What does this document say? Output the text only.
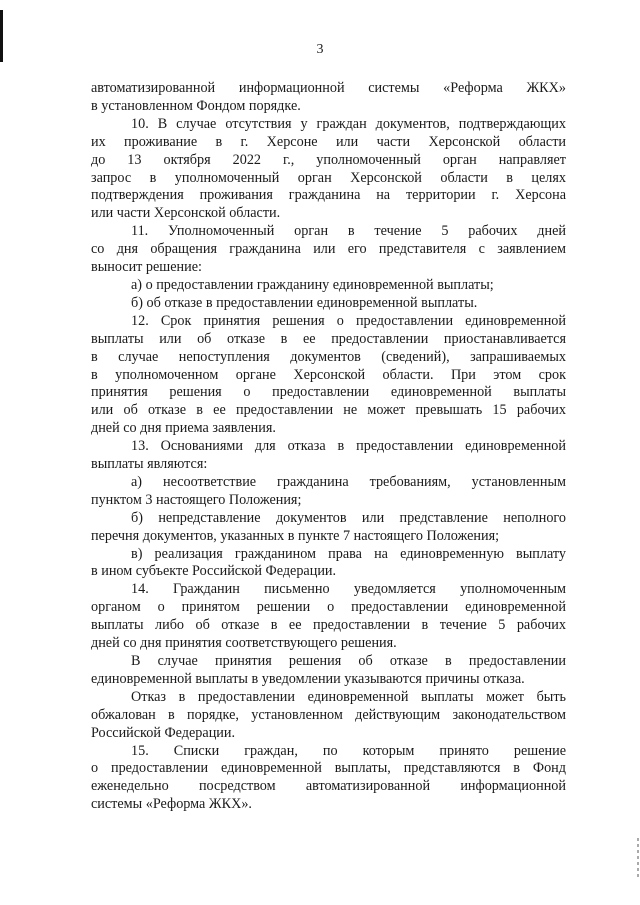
3
автоматизированной информационной системы «Реформа ЖКХ»
в установленном Фондом порядке.
10. В случае отсутствия у граждан документов, подтверждающих
их проживание в г. Херсоне или части Херсонской области
до 13 октября 2022 г., уполномоченный орган направляет
запрос в уполномоченный орган Херсонской области в целях
подтверждения проживания гражданина на территории г. Херсона
или части Херсонской области.
11. Уполномоченный орган в течение 5 рабочих дней
со дня обращения гражданина или его представителя с заявлением
выносит решение:
а) о предоставлении гражданину единовременной выплаты;
б) об отказе в предоставлении единовременной выплаты.
12. Срок принятия решения о предоставлении единовременной
выплаты или об отказе в ее предоставлении приостанавливается
в случае непоступления документов (сведений), запрашиваемых
в уполномоченном органе Херсонской области. При этом срок
принятия решения о предоставлении единовременной выплаты
или об отказе в ее предоставлении не может превышать 15 рабочих
дней со дня приема заявления.
13. Основаниями для отказа в предоставлении единовременной
выплаты являются:
а) несоответствие гражданина требованиям, установленным
пунктом 3 настоящего Положения;
б) непредставление документов или представление неполного
перечня документов, указанных в пункте 7 настоящего Положения;
в) реализация гражданином права на единовременную выплату
в ином субъекте Российской Федерации.
14. Гражданин письменно уведомляется уполномоченным
органом о принятом решении о предоставлении единовременной
выплаты либо об отказе в ее предоставлении в течение 5 рабочих
дней со дня принятия соответствующего решения.
В случае принятия решения об отказе в предоставлении
единовременной выплаты в уведомлении указываются причины отказа.
Отказ в предоставлении единовременной выплаты может быть
обжалован в порядке, установленном действующим законодательством
Российской Федерации.
15. Списки граждан, по которым принято решение
о предоставлении единовременной выплаты, представляются в Фонд
еженедельно посредством автоматизированной информационной
системы «Реформа ЖКХ».
